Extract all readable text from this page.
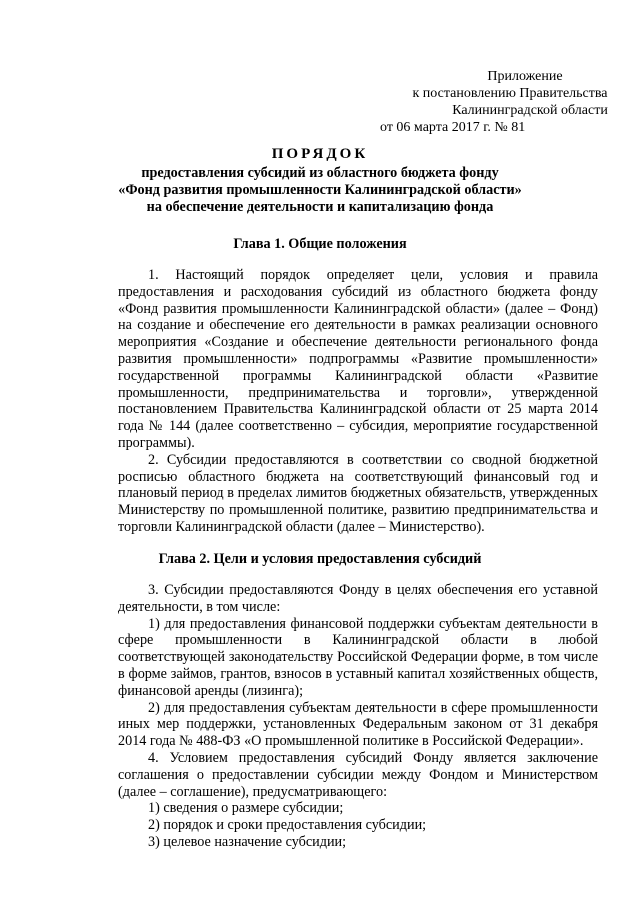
Приложение
к постановлению Правительства
Калининградской области
от 06 марта 2017 г. № 81
ПОРЯДОК
предоставления субсидий из областного бюджета фонду
«Фонд развития промышленности Калининградской области»
на обеспечение деятельности и капитализацию фонда
Глава 1. Общие положения

1. Настоящий порядок определяет цели, условия и правила предоставления и расходования субсидий из областного бюджета фонду «Фонд развития промышленности Калининградской области» (далее – Фонд) на создание и обеспечение его деятельности в рамках реализации основного мероприятия «Создание и обеспечение деятельности регионального фонда развития промышленности» подпрограммы «Развитие промышленности» государственной программы Калининградской области «Развитие промышленности, предпринимательства и торговли», утвержденной постановлением Правительства Калининградской области от 25 марта 2014 года № 144 (далее соответственно – субсидия, мероприятие государственной программы).

2. Субсидии предоставляются в соответствии со сводной бюджетной росписью областного бюджета на соответствующий финансовый год и плановый период в пределах лимитов бюджетных обязательств, утвержденных Министерству по промышленной политике, развитию предпринимательства и торговли Калининградской области (далее – Министерство).

Глава 2. Цели и условия предоставления субсидий

3. Субсидии предоставляются Фонду в целях обеспечения его уставной деятельности, в том числе:

1) для предоставления финансовой поддержки субъектам деятельности в сфере промышленности в Калининградской области в любой соответствующей законодательству Российской Федерации форме, в том числе в форме займов, грантов, взносов в уставный капитал хозяйственных обществ, финансовой аренды (лизинга);

2) для предоставления субъектам деятельности в сфере промышленности иных мер поддержки, установленных Федеральным законом от 31 декабря 2014 года № 488-ФЗ «О промышленной политике в Российской Федерации».

4. Условием предоставления субсидий Фонду является заключение соглашения о предоставлении субсидии между Фондом и Министерством (далее – соглашение), предусматривающего:

1) сведения о размере субсидии;

2) порядок и сроки предоставления субсидии;

3) целевое назначение субсидии;
